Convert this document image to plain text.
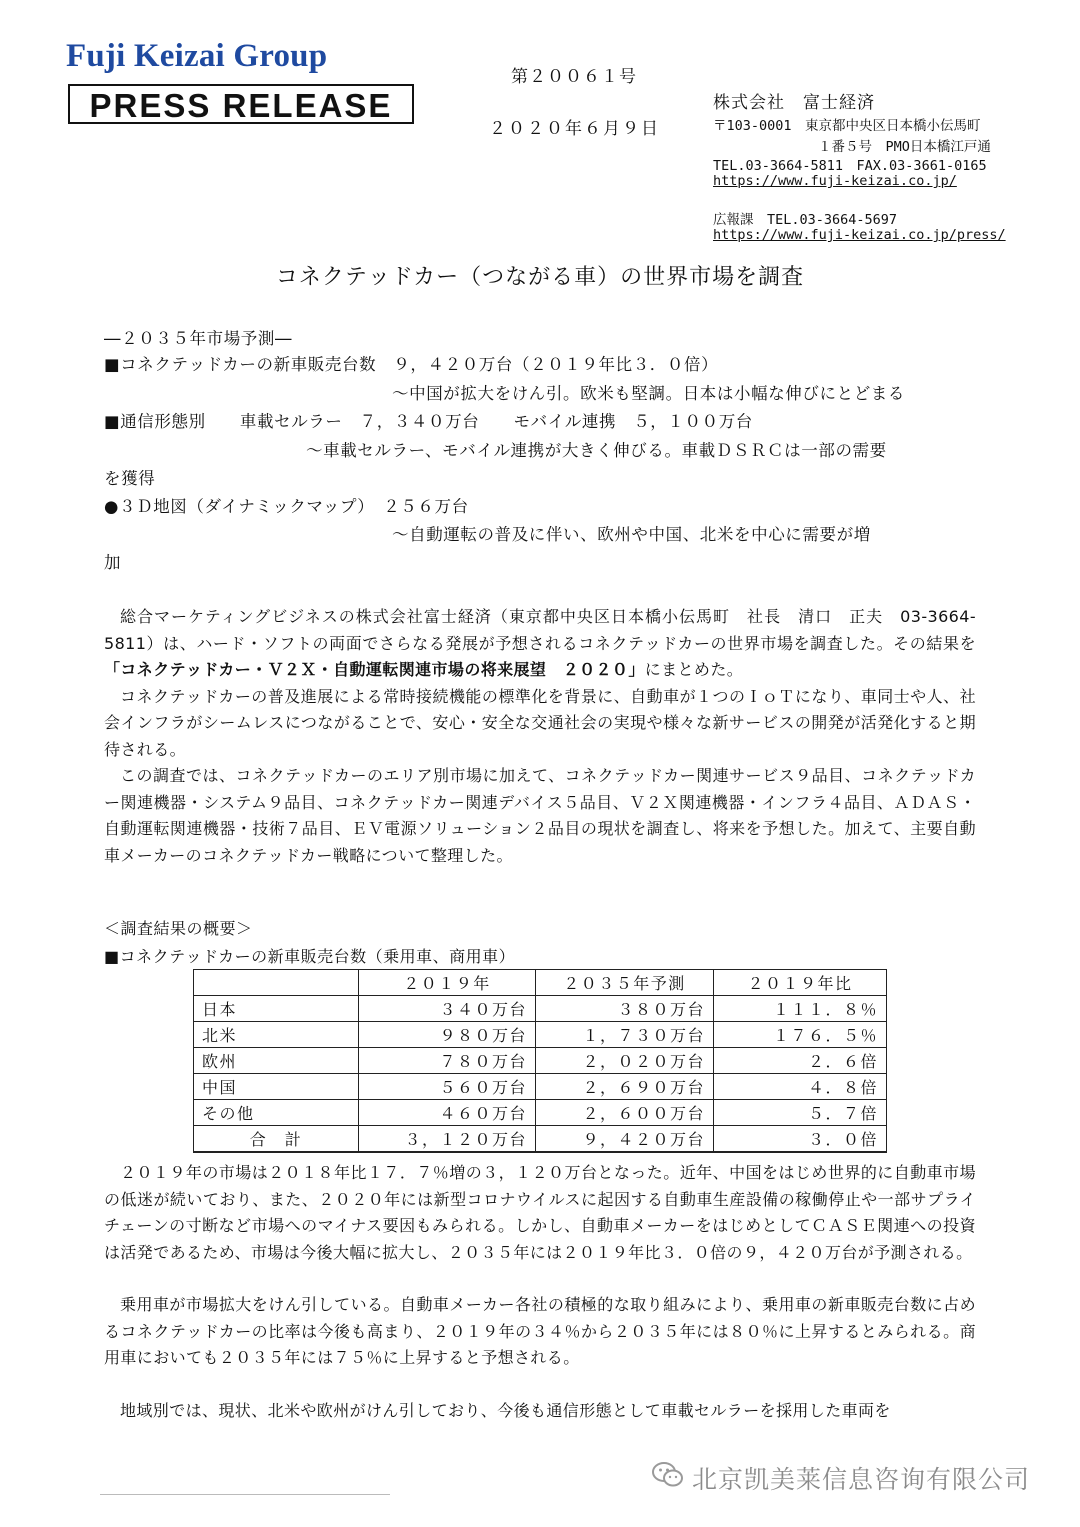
Fuji Keizai Group
PRESS RELEASE
第２００６１号
２０２０年６月９日
株式会社　富士経済
〒103-0001　東京都中央区日本橋小伝馬町
１番５号　PMO日本橋江戸通
TEL.03-3664-5811　FAX.03-3661-0165
https://www.fuji-keizai.co.jp/
広報課　TEL.03-3664-5697
https://www.fuji-keizai.co.jp/press/
コネクテッドカー（つながる車）の世界市場を調査
―２０３５年市場予測―
■コネクテッドカーの新車販売台数　９，４２０万台（２０１９年比３．０倍）
～中国が拡大をけん引。欧米も堅調。日本は小幅な伸びにとどまる
■通信形態別　　車載セルラー　７，３４０万台　　モバイル連携　５，１００万台
～車載セルラー、モバイル連携が大きく伸びる。車載ＤＳＲＣは一部の需要
を獲得
●３Ｄ地図（ダイナミックマップ）　２５６万台
～自動運転の普及に伴い、欧州や中国、北米を中心に需要が増
加

総合マーケティングビジネスの株式会社富士経済（東京都中央区日本橋小伝馬町　社長　清口　正夫　03-3664-5811）は、ハード・ソフトの両面でさらなる発展が予想されるコネクテッドカーの世界市場を調査した。その結果を「コネクテッドカー・Ｖ２Ｘ・自動運転関連市場の将来展望　２０２０」にまとめた。

コネクテッドカーの普及進展による常時接続機能の標準化を背景に、自動車が１つのＩｏＴになり、車同士や人、社会インフラがシームレスにつながることで、安心・安全な交通社会の実現や様々な新サービスの開発が活発化すると期待される。

この調査では、コネクテッドカーのエリア別市場に加えて、コネクテッドカー関連サービス９品目、コネクテッドカー関連機器・システム９品目、コネクテッドカー関連デバイス５品目、Ｖ２Ｘ関連機器・インフラ４品目、ＡＤＡＳ・自動運転関連機器・技術７品目、ＥＶ電源ソリューション２品目の現状を調査し、将来を予想した。加えて、主要自動車メーカーのコネクテッドカー戦略について整理した。

＜調査結果の概要＞
■コネクテッドカーの新車販売台数（乗用車、商用車）
	２０１９年	２０３５年予測	２０１９年比
日本	３４０万台	３８０万台	１１１．８％
北米	９８０万台	１，７３０万台	１７６．５％
欧州	７８０万台	２，０２０万台	２．６倍
中国	５６０万台	２，６９０万台	４．８倍
その他	４６０万台	２，６００万台	５．７倍
合　計	３，１２０万台	９，４２０万台	３．０倍

２０１９年の市場は２０１８年比１７．７％増の３，１２０万台となった。近年、中国をはじめ世界的に自動車市場の低迷が続いており、また、２０２０年には新型コロナウイルスに起因する自動車生産設備の稼働停止や一部サプライチェーンの寸断など市場へのマイナス要因もみられる。しかし、自動車メーカーをはじめとしてＣＡＳＥ関連への投資は活発であるため、市場は今後大幅に拡大し、２０３５年には２０１９年比３．０倍の９，４２０万台が予測される。

乗用車が市場拡大をけん引している。自動車メーカー各社の積極的な取り組みにより、乗用車の新車販売台数に占めるコネクテッドカーの比率は今後も高まり、２０１９年の３４％から２０３５年には８０％に上昇するとみられる。商用車においても２０３５年には７５％に上昇すると予想される。

地域別では、現状、北米や欧州がけん引しており、今後も通信形態として車載セルラーを採用した車両を

北京凯美莱信息咨询有限公司
